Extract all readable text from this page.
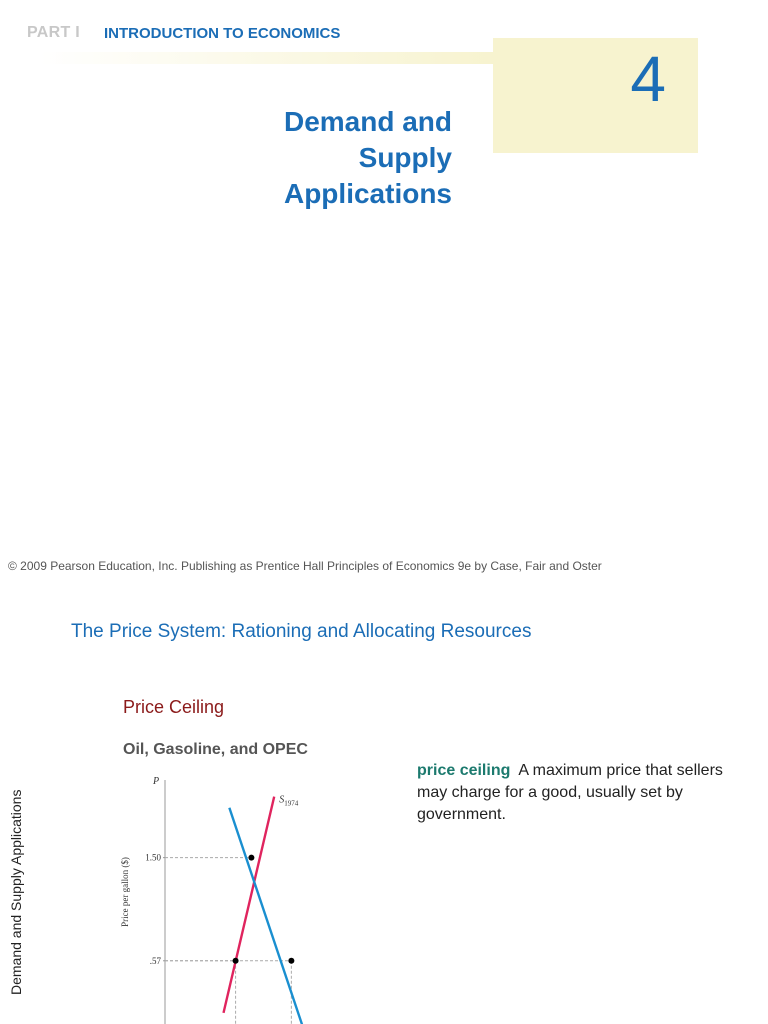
PART I INTRODUCTION TO ECONOMICS
4
Demand and
Supply
Applications
© 2009 Pearson Education, Inc. Publishing as Prentice Hall Principles of Economics 9e by Case, Fair and Oster
The Price System: Rationing and Allocating Resources
Price Ceiling
Oil, Gasoline, and OPEC
price ceiling A maximum price that sellers may charge for a good, usually set by government.
Demand and Supply Applications
P
Price per gallon ($) 1.50
.57
$S_{1974}$
